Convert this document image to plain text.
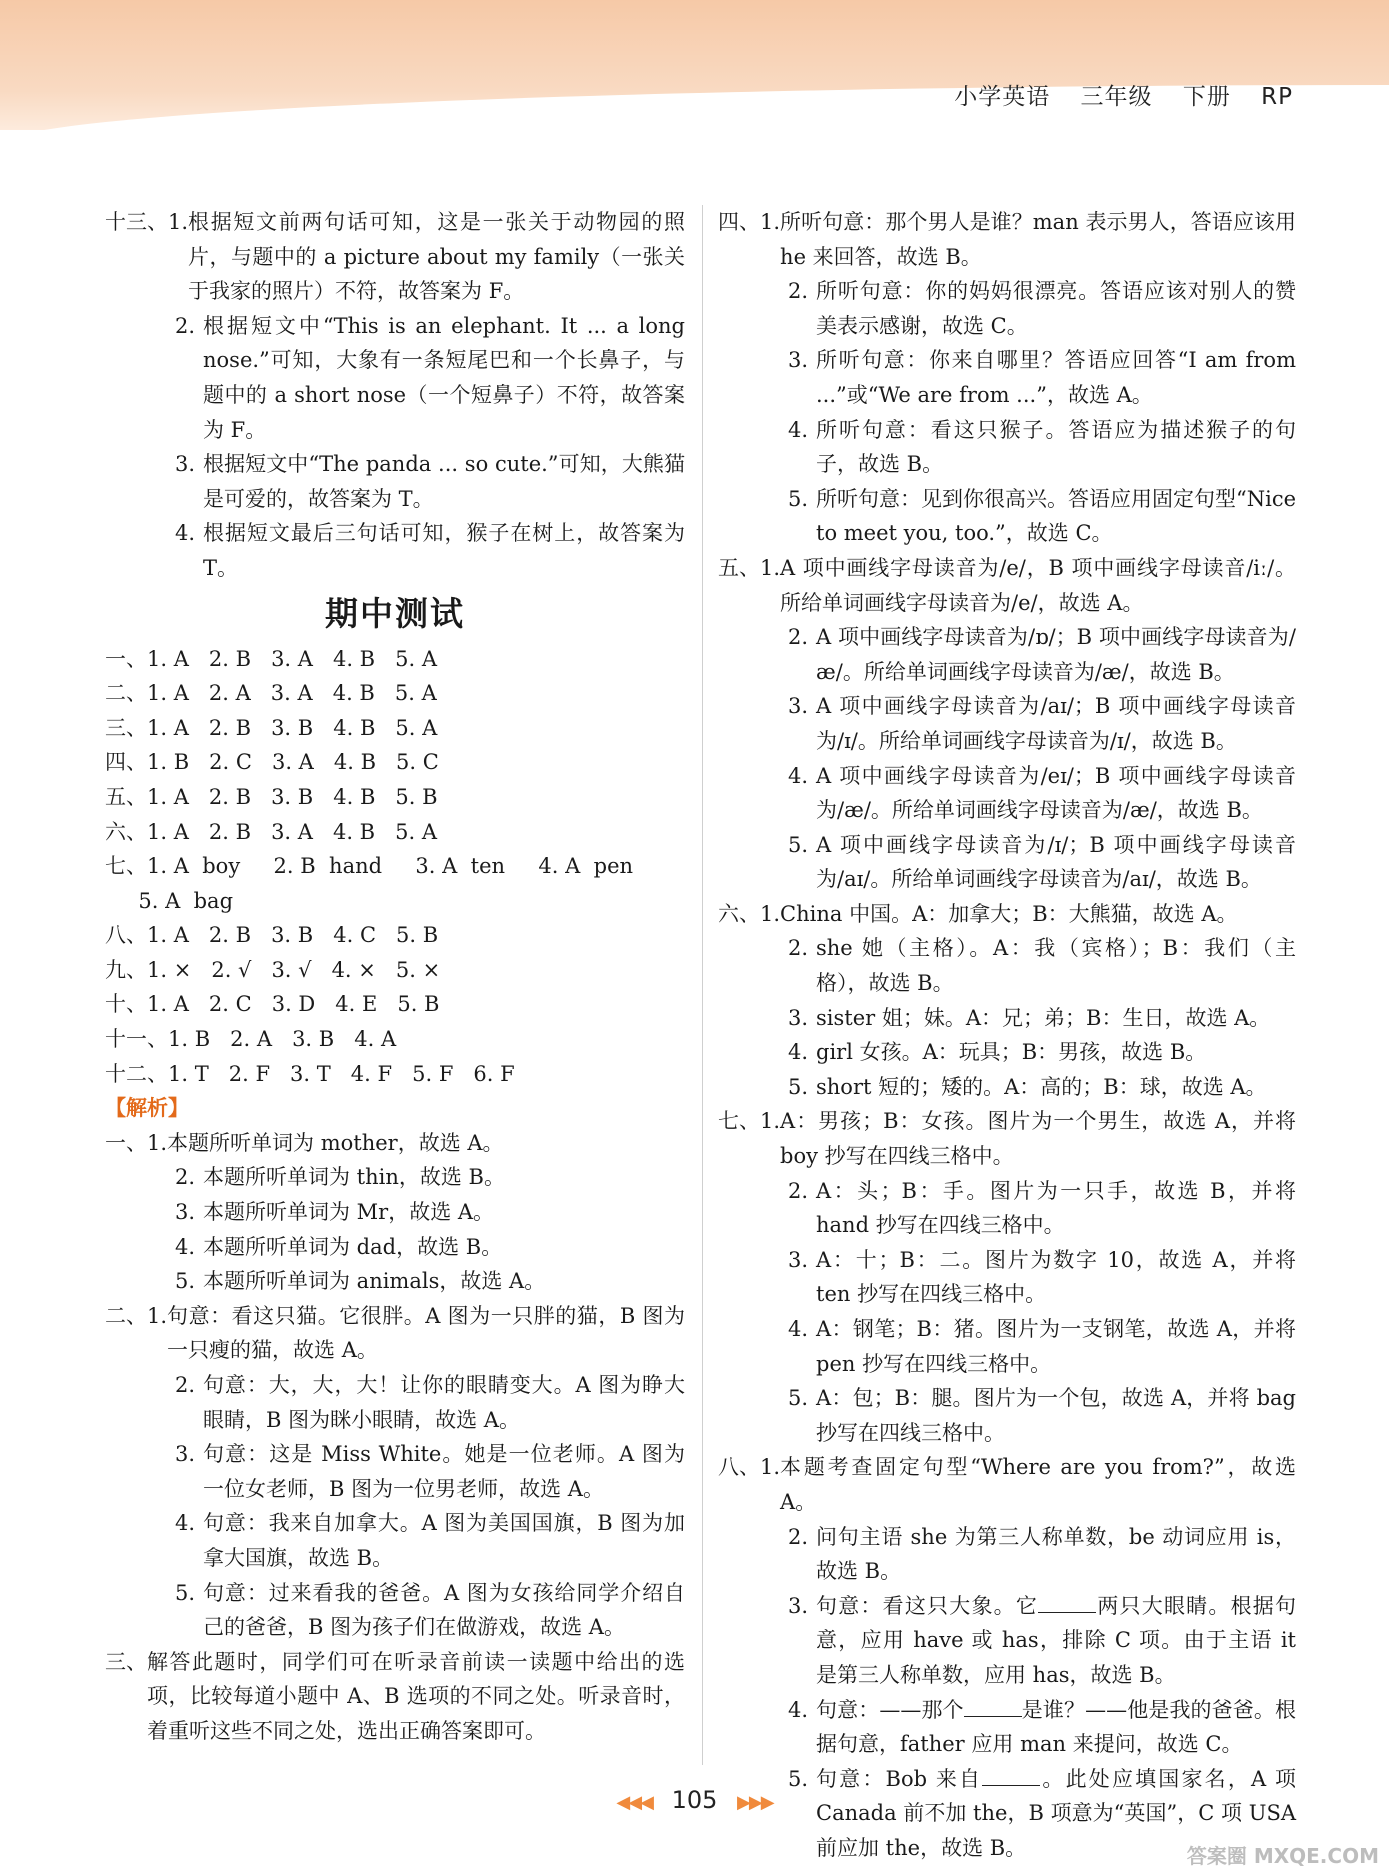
小学英语 三年级 下册 RP
十三、1. 根据短文前两句话可知，这是一张关于动物园的照片，与题中的 a picture about my family（一张关于我家的照片）不符，故答案为 F。
2. 根据短文中“This is an elephant. It ... a long nose.”可知，大象有一条短尾巴和一个长鼻子，与题中的 a short nose（一个短鼻子）不符，故答案为 F。
3. 根据短文中“The panda ... so cute.”可知，大熊猫是可爱的，故答案为 T。
4. 根据短文最后三句话可知，猴子在树上，故答案为 T。
期中测试
一、1. A   2. B   3. A   4. B   5. A
二、1. A   2. A   3. A   4. B   5. A
三、1. A   2. B   3. B   4. B   5. A
四、1. B   2. C   3. A   4. B   5. C
五、1. A   2. B   3. B   4. B   5. B
六、1. A   2. B   3. A   4. B   5. A
七、1. A  boy     2. B  hand     3. A  ten     4. A  pen
5. A  bag
八、1. A   2. B   3. B   4. C   5. B
九、1. ×   2. √   3. √   4. ×   5. ×
十、1. A   2. C   3. D   4. E   5. B
十一、1. B   2. A   3. B   4. A
十二、1. T   2. F   3. T   4. F   5. F   6. F
【解析】
一、1. 本题所听单词为 mother，故选 A。
2. 本题所听单词为 thin，故选 B。
3. 本题所听单词为 Mr，故选 A。
4. 本题所听单词为 dad，故选 B。
5. 本题所听单词为 animals，故选 A。
二、1. 句意：看这只猫。它很胖。A 图为一只胖的猫，B 图为一只瘦的猫，故选 A。
2. 句意：大，大，大！让你的眼睛变大。A 图为睁大眼睛，B 图为眯小眼睛，故选 A。
3. 句意：这是 Miss White。她是一位老师。A 图为一位女老师，B 图为一位男老师，故选 A。
4. 句意：我来自加拿大。A 图为美国国旗，B 图为加拿大国旗，故选 B。
5. 句意：过来看我的爸爸。A 图为女孩给同学介绍自己的爸爸，B 图为孩子们在做游戏，故选 A。
三、 解答此题时，同学们可在听录音前读一读题中给出的选项，比较每道小题中 A、B 选项的不同之处。听录音时，着重听这些不同之处，选出正确答案即可。
四、1. 所听句意：那个男人是谁？man 表示男人，答语应该用 he 来回答，故选 B。
2. 所听句意：你的妈妈很漂亮。答语应该对别人的赞美表示感谢，故选 C。
3. 所听句意：你来自哪里？答语应回答“I am from ...”或“We are from ...”，故选 A。
4. 所听句意：看这只猴子。答语应为描述猴子的句子，故选 B。
5. 所听句意：见到你很高兴。答语应用固定句型“Nice to meet you, too.”，故选 C。
五、1. A 项中画线字母读音为/e/，B 项中画线字母读音/iː/。所给单词画线字母读音为/e/，故选 A。
2. A 项中画线字母读音为/ɒ/；B 项中画线字母读音为/æ/。所给单词画线字母读音为/æ/，故选 B。
3. A 项中画线字母读音为/aɪ/；B 项中画线字母读音为/ɪ/。所给单词画线字母读音为/ɪ/，故选 B。
4. A 项中画线字母读音为/eɪ/；B 项中画线字母读音为/æ/。所给单词画线字母读音为/æ/，故选 B。
5. A 项中画线字母读音为/ɪ/；B 项中画线字母读音为/aɪ/。所给单词画线字母读音为/aɪ/，故选 B。
六、1. China 中国。A：加拿大；B：大熊猫，故选 A。
2. she 她（主格）。A：我（宾格）；B：我们（主格），故选 B。
3. sister 姐；妹。A：兄；弟；B：生日，故选 A。
4. girl 女孩。A：玩具；B：男孩，故选 B。
5. short 短的；矮的。A：高的；B：球，故选 A。
七、1. A：男孩；B：女孩。图片为一个男生，故选 A，并将 boy 抄写在四线三格中。
2. A：头；B：手。图片为一只手，故选 B，并将 hand 抄写在四线三格中。
3. A：十；B：二。图片为数字 10，故选 A，并将 ten 抄写在四线三格中。
4. A：钢笔；B：猪。图片为一支钢笔，故选 A，并将 pen 抄写在四线三格中。
5. A：包；B：腿。图片为一个包，故选 A，并将 bag 抄写在四线三格中。
八、1. 本题考查固定句型“Where are you from?”，故选 A。
2. 问句主语 she 为第三人称单数，be 动词应用 is，故选 B。
3. 句意：看这只大象。它	两只大眼睛。根据句意，应用 have 或 has，排除 C 项。由于主语 it 是第三人称单数，应用 has，故选 B。
4. 句意：——那个	是谁？——他是我的爸爸。根据句意，father 应用 man 来提问，故选 C。
5. 句意：Bob 来自	。此处应填国家名，A 项 Canada 前不加 the，B 项意为“英国”，C 项 USA 前应加 the，故选 B。
◀◀◀ 105 ▶▶▶
答案圈 MXQE.COM
